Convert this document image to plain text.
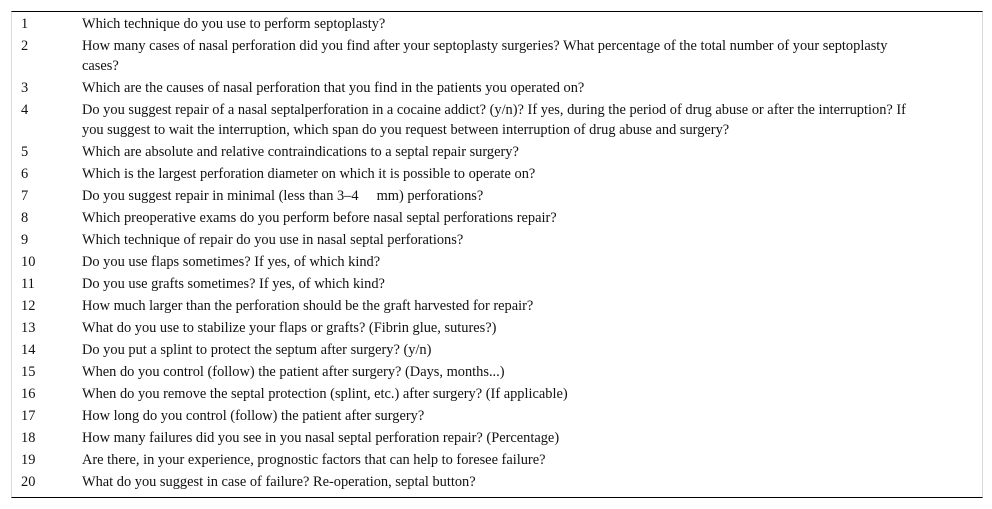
1	Which technique do you use to perform septoplasty?
2	How many cases of nasal perforation did you find after your septoplasty surgeries? What percentage of the total number of your septoplasty cases?
3	Which are the causes of nasal perforation that you find in the patients you operated on?
4	Do you suggest repair of a nasal septalperforation in a cocaine addict? (y/n)? If yes, during the period of drug abuse or after the interruption? If you suggest to wait the interruption, which span do you request between interruption of drug abuse and surgery?
5	Which are absolute and relative contraindications to a septal repair surgery?
6	Which is the largest perforation diameter on which it is possible to operate on?
7	Do you suggest repair in minimal (less than 3–4     mm) perforations?
8	Which preoperative exams do you perform before nasal septal perforations repair?
9	Which technique of repair do you use in nasal septal perforations?
10	Do you use flaps sometimes? If yes, of which kind?
11	Do you use grafts sometimes? If yes, of which kind?
12	How much larger than the perforation should be the graft harvested for repair?
13	What do you use to stabilize your flaps or grafts? (Fibrin glue, sutures?)
14	Do you put a splint to protect the septum after surgery? (y/n)
15	When do you control (follow) the patient after surgery? (Days, months...)
16	When do you remove the septal protection (splint, etc.) after surgery? (If applicable)
17	How long do you control (follow) the patient after surgery?
18	How many failures did you see in you nasal septal perforation repair? (Percentage)
19	Are there, in your experience, prognostic factors that can help to foresee failure?
20	What do you suggest in case of failure? Re-operation, septal button?
